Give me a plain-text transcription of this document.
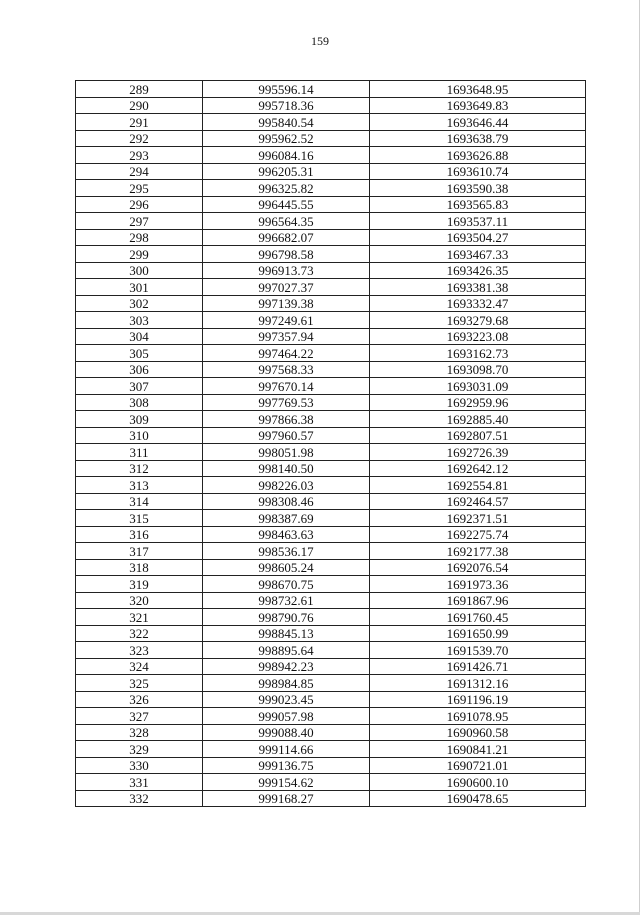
159
289	995596.14	1693648.95
290	995718.36	1693649.83
291	995840.54	1693646.44
292	995962.52	1693638.79
293	996084.16	1693626.88
294	996205.31	1693610.74
295	996325.82	1693590.38
296	996445.55	1693565.83
297	996564.35	1693537.11
298	996682.07	1693504.27
299	996798.58	1693467.33
300	996913.73	1693426.35
301	997027.37	1693381.38
302	997139.38	1693332.47
303	997249.61	1693279.68
304	997357.94	1693223.08
305	997464.22	1693162.73
306	997568.33	1693098.70
307	997670.14	1693031.09
308	997769.53	1692959.96
309	997866.38	1692885.40
310	997960.57	1692807.51
311	998051.98	1692726.39
312	998140.50	1692642.12
313	998226.03	1692554.81
314	998308.46	1692464.57
315	998387.69	1692371.51
316	998463.63	1692275.74
317	998536.17	1692177.38
318	998605.24	1692076.54
319	998670.75	1691973.36
320	998732.61	1691867.96
321	998790.76	1691760.45
322	998845.13	1691650.99
323	998895.64	1691539.70
324	998942.23	1691426.71
325	998984.85	1691312.16
326	999023.45	1691196.19
327	999057.98	1691078.95
328	999088.40	1690960.58
329	999114.66	1690841.21
330	999136.75	1690721.01
331	999154.62	1690600.10
332	999168.27	1690478.65
